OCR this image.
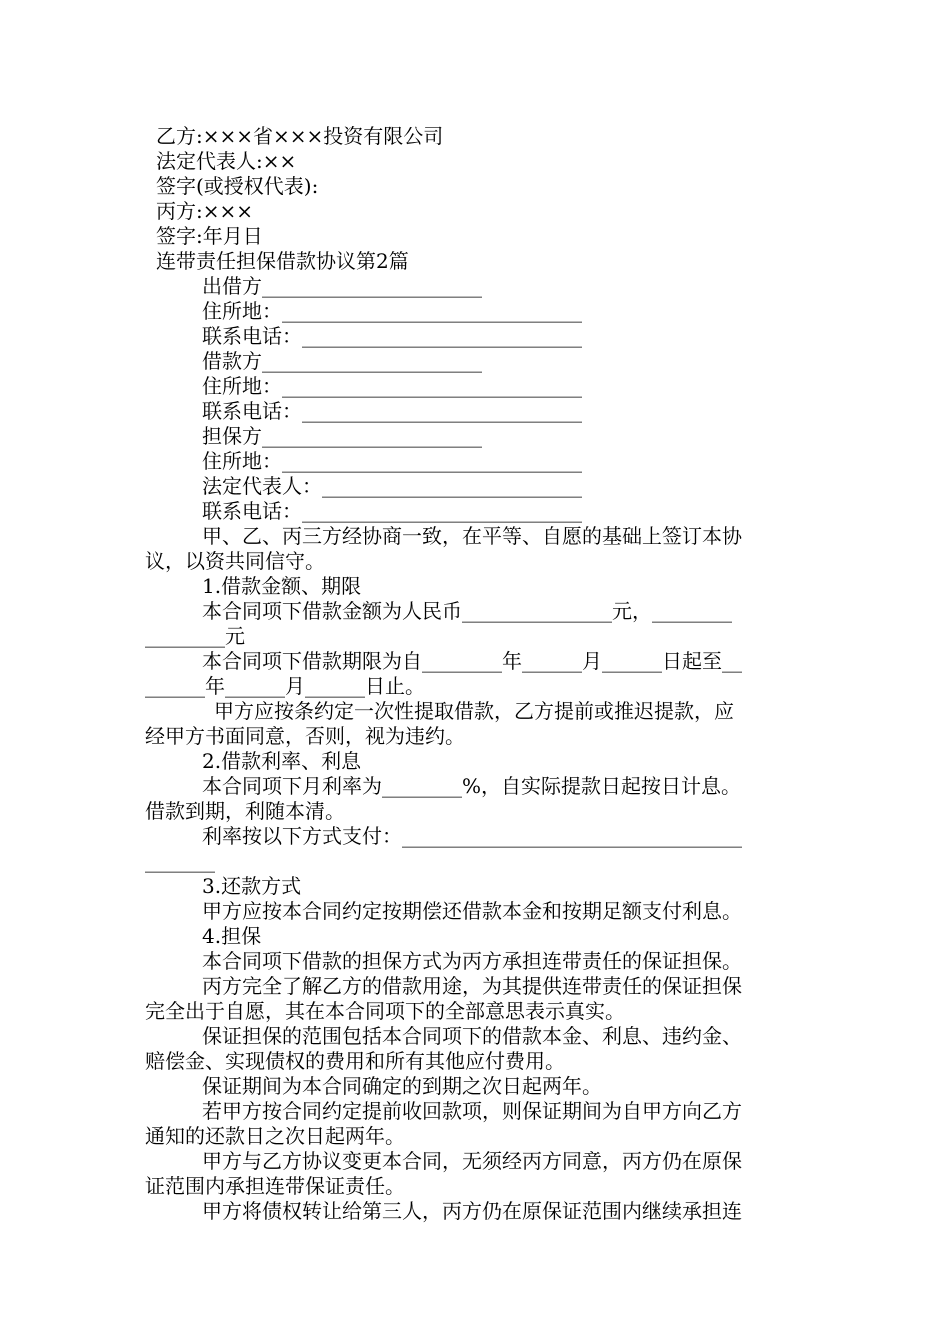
乙方:×××省×××投资有限公司
法定代表人:××
签字(或授权代表):
丙方:×××
签字:年月日
连带责任担保借款协议第2篇
出借方______________________
住所地：______________________________
联系电话：____________________________
借款方______________________
住所地：______________________________
联系电话：____________________________
担保方______________________
住所地：______________________________
法定代表人：__________________________
联系电话：____________________________
甲、乙、丙三方经协商一致，在平等、自愿的基础上签订本协
议，以资共同信守。
1.借款金额、期限
本合同项下借款金额为人民币_______________元，________
________元
本合同项下借款期限为自________年______月______日起至__
______年______月______日止。
甲方应按条约定一次性提取借款，乙方提前或推迟提款，应
经甲方书面同意，否则，视为违约。
2.借款利率、利息
本合同项下月利率为________%，自实际提款日起按日计息。
借款到期，利随本清。
利率按以下方式支付：__________________________________
_______
3.还款方式
甲方应按本合同约定按期偿还借款本金和按期足额支付利息。
4.担保
本合同项下借款的担保方式为丙方承担连带责任的保证担保。
丙方完全了解乙方的借款用途，为其提供连带责任的保证担保
完全出于自愿，其在本合同项下的全部意思表示真实。
保证担保的范围包括本合同项下的借款本金、利息、违约金、
赔偿金、实现债权的费用和所有其他应付费用。
保证期间为本合同确定的到期之次日起两年。
若甲方按合同约定提前收回款项，则保证期间为自甲方向乙方
通知的还款日之次日起两年。
甲方与乙方协议变更本合同，无须经丙方同意，丙方仍在原保
证范围内承担连带保证责任。
甲方将债权转让给第三人，丙方仍在原保证范围内继续承担连
